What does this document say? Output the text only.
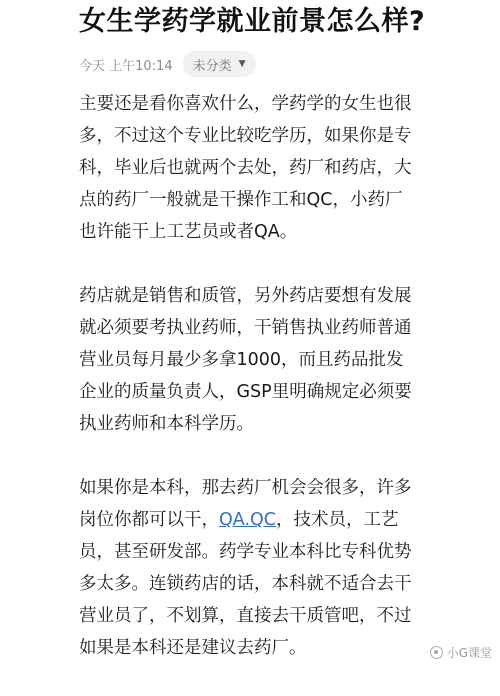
女生学药学就业前景怎么样?
今天 上午10:14 未分类 ▼

主要还是看你喜欢什么，学药学的女生也很多，不过这个专业比较吃学历，如果你是专科，毕业后也就两个去处，药厂和药店，大点的药厂一般就是干操作工和QC，小药厂也许能干上工艺员或者QA。

药店就是销售和质管，另外药店要想有发展就必须要考执业药师，干销售执业药师普通营业员每月最少多拿1000，而且药品批发企业的质量负责人，GSP里明确规定必须要执业药师和本科学历。

如果你是本科，那去药厂机会会很多，许多岗位你都可以干，QA.QC，技术员，工艺员，甚至研发部。药学专业本科比专科优势多太多。连锁药店的话，本科就不适合去干营业员了，不划算，直接去干质管吧，不过如果是本科还是建议去药厂。	小G课堂
